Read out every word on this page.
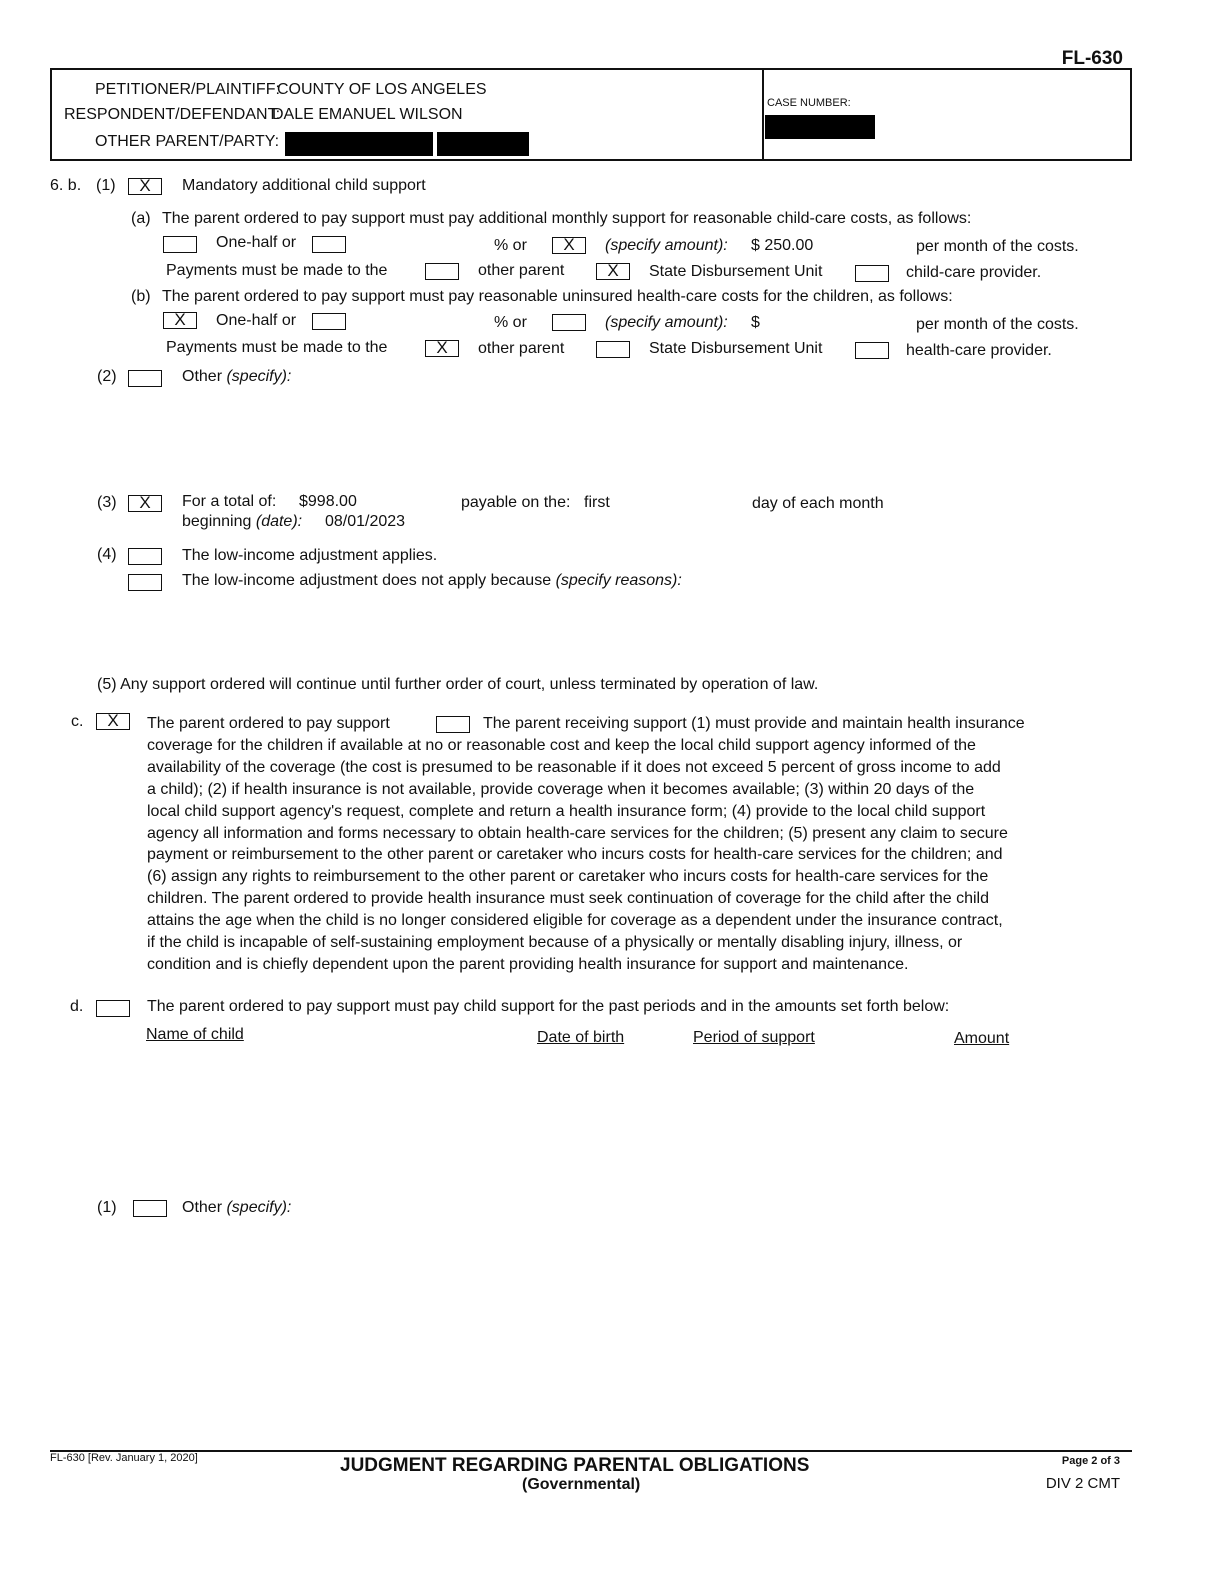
FL-630
PETITIONER/PLAINTIFF:
COUNTY OF LOS ANGELES
RESPONDENT/DEFENDANT:
DALE EMANUEL WILSON
OTHER PARENT/PARTY:
CASE NUMBER:
6. b. (1)	X	Mandatory additional child support
(a) The parent ordered to pay support must pay additional monthly support for reasonable child-care costs, as follows:
One-half or	% or	X	(specify amount): $ 250.00	per month of the costs.
Payments must be made to the	other parent	X	State Disbursement Unit	child-care provider.
(b) The parent ordered to pay support must pay reasonable uninsured health-care costs for the children, as follows:
X	One-half or	% or	(specify amount): $	per month of the costs.
Payments must be made to the	X	other parent	State Disbursement Unit	health-care provider.
(2)	Other (specify):
(3)	X	For a total of: $998.00	payable on the: first	day of each month
beginning (date): 08/01/2023
(4)	The low-income adjustment applies.
The low-income adjustment does not apply because (specify reasons):
(5) Any support ordered will continue until further order of court, unless terminated by operation of law.
c.	X	The parent ordered to pay support	The parent receiving support (1) must provide and maintain health insurance
coverage for the children if available at no or reasonable cost and keep the local child support agency informed of the
availability of the coverage (the cost is presumed to be reasonable if it does not exceed 5 percent of gross income to add
a child); (2) if health insurance is not available, provide coverage when it becomes available; (3) within 20 days of the
local child support agency's request, complete and return a health insurance form; (4) provide to the local child support
agency all information and forms necessary to obtain health-care services for the children; (5) present any claim to secure
payment or reimbursement to the other parent or caretaker who incurs costs for health-care services for the children; and
(6) assign any rights to reimbursement to the other parent or caretaker who incurs costs for health-care services for the
children. The parent ordered to provide health insurance must seek continuation of coverage for the child after the child
attains the age when the child is no longer considered eligible for coverage as a dependent under the insurance contract,
if the child is incapable of self-sustaining employment because of a physically or mentally disabling injury, illness, or
condition and is chiefly dependent upon the parent providing health insurance for support and maintenance.
d.	The parent ordered to pay support must pay child support for the past periods and in the amounts set forth below:
Name of child	Date of birth	Period of support	Amount
(1)	Other (specify):
FL-630 [Rev. January 1, 2020]	JUDGMENT REGARDING PARENTAL OBLIGATIONS
(Governmental)
Page 2 of 3
DIV 2 CMT
